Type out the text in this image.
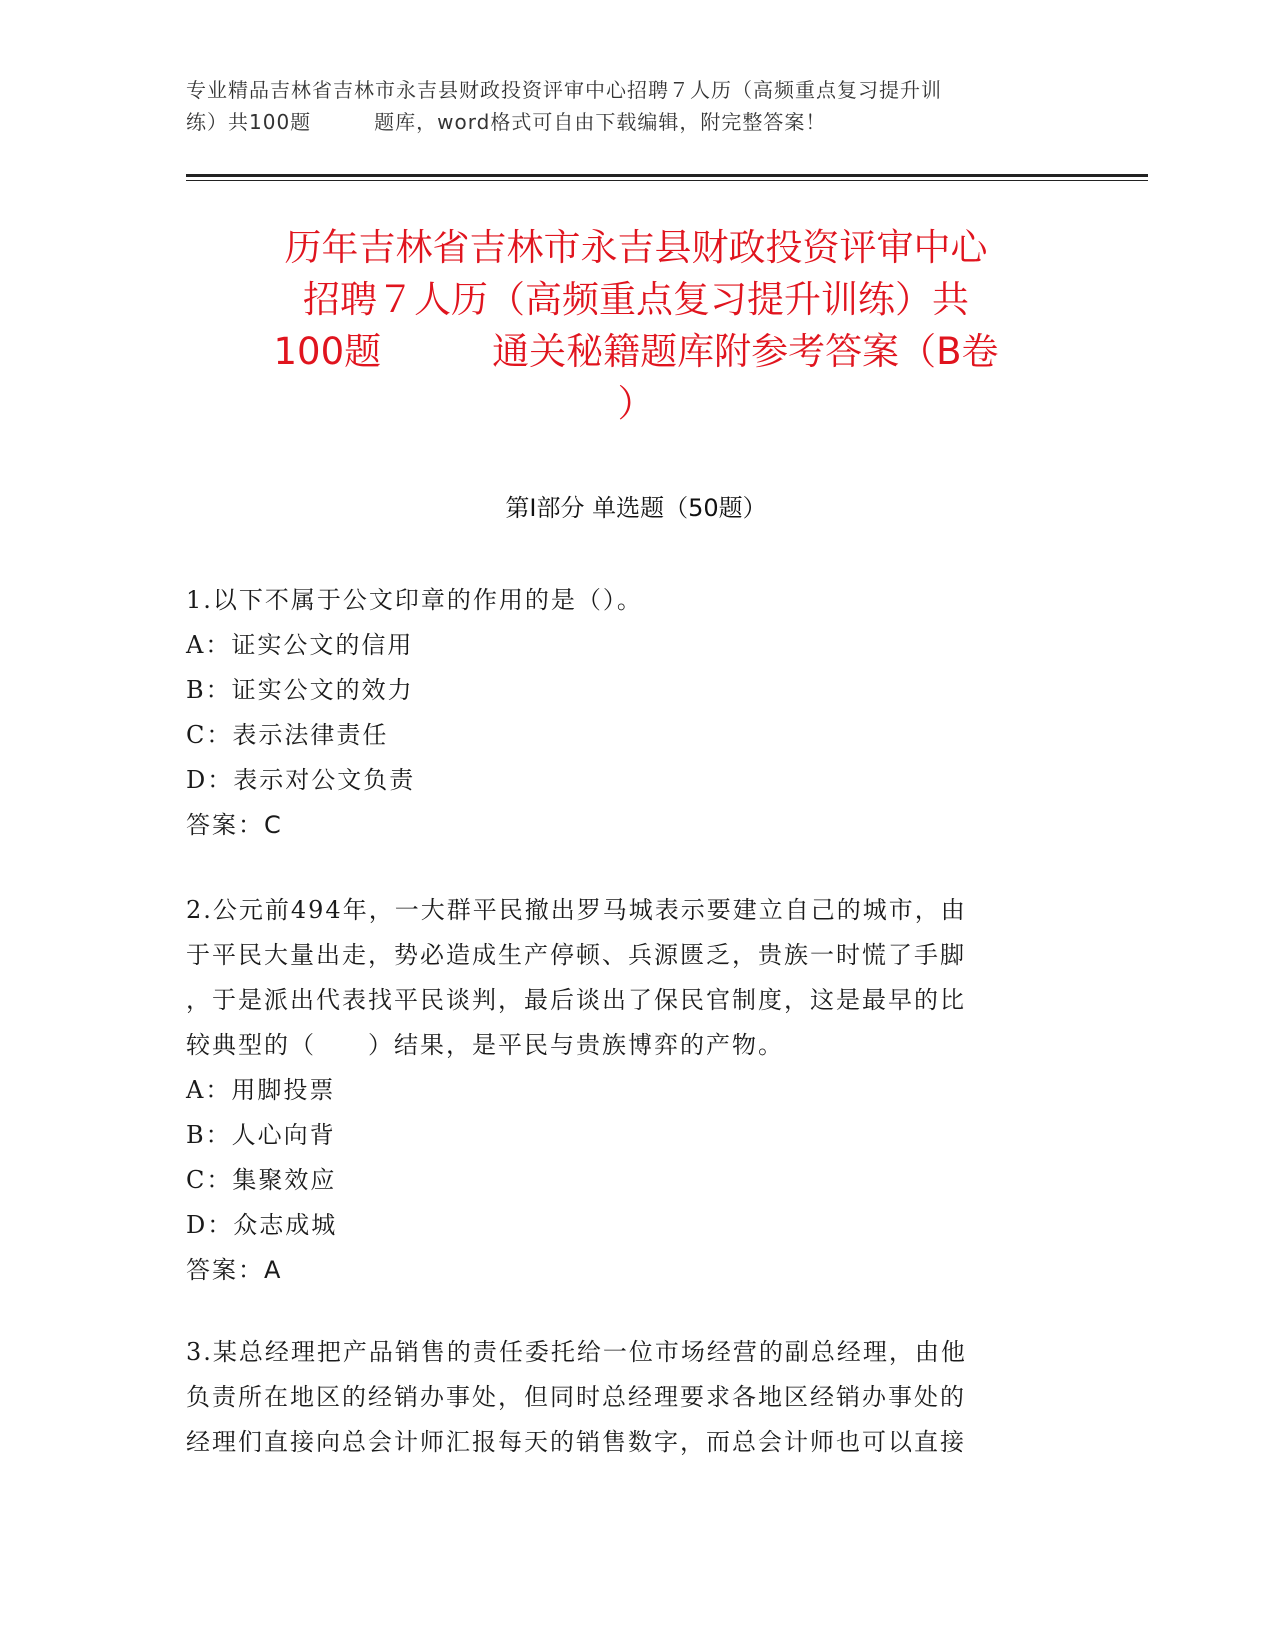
专业精品吉林省吉林市永吉县财政投资评审中心招聘７人历（高频重点复习提升训
练）共100题　　　题库，word格式可自由下载编辑，附完整答案！
历年吉林省吉林市永吉县财政投资评审中心
招聘７人历（高频重点复习提升训练）共
100题　　　通关秘籍题库附参考答案（B卷
）
第Ⅰ部分 单选题（50题）

1.以下不属于公文印章的作用的是（）。

A：证实公文的信用

B：证实公文的效力

C：表示法律责任

D：表示对公文负责

答案：C

2.公元前494年，一大群平民撤出罗马城表示要建立自己的城市，由

于平民大量出走，势必造成生产停顿、兵源匮乏，贵族一时慌了手脚

，于是派出代表找平民谈判，最后谈出了保民官制度，这是最早的比

较典型的（　　）结果，是平民与贵族博弈的产物。

A：用脚投票

B：人心向背

C：集聚效应

D：众志成城

答案：A

3.某总经理把产品销售的责任委托给一位市场经营的副总经理，由他

负责所在地区的经销办事处，但同时总经理要求各地区经销办事处的

经理们直接向总会计师汇报每天的销售数字，而总会计师也可以直接
